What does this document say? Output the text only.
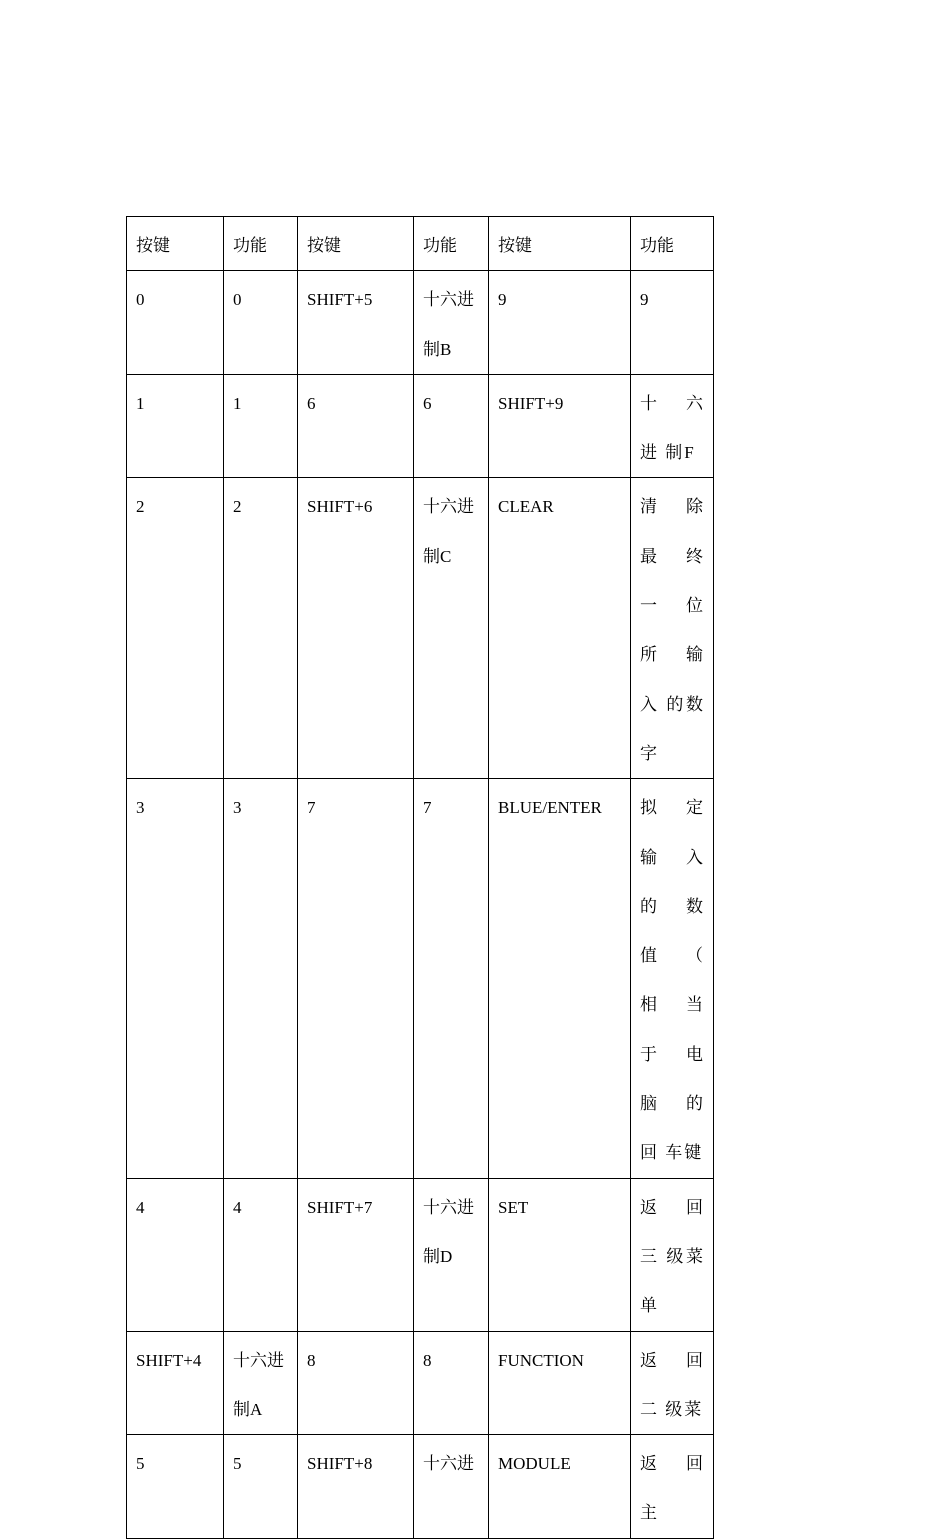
按键	功能	按键	功能	按键	功能
0	0	SHIFT+5	十六进制B	9	9
1	1	6	6	SHIFT+9	十 六 进 制F
2	2	SHIFT+6	十六进制C	CLEAR	清 除 最 终 一 位 所 输 入 的数字
3	3	7	7	BLUE/ENTER	拟 定 输 入 的 数 值 （ 相 当 于 电 脑 的 回 车键
4	4	SHIFT+7	十六进制D	SET	返 回 三 级菜单
SHIFT+4	十六进制A	8	8	FUNCTION	返 回 二 级菜
5	5	SHIFT+8	十六进	MODULE	返 回 主
